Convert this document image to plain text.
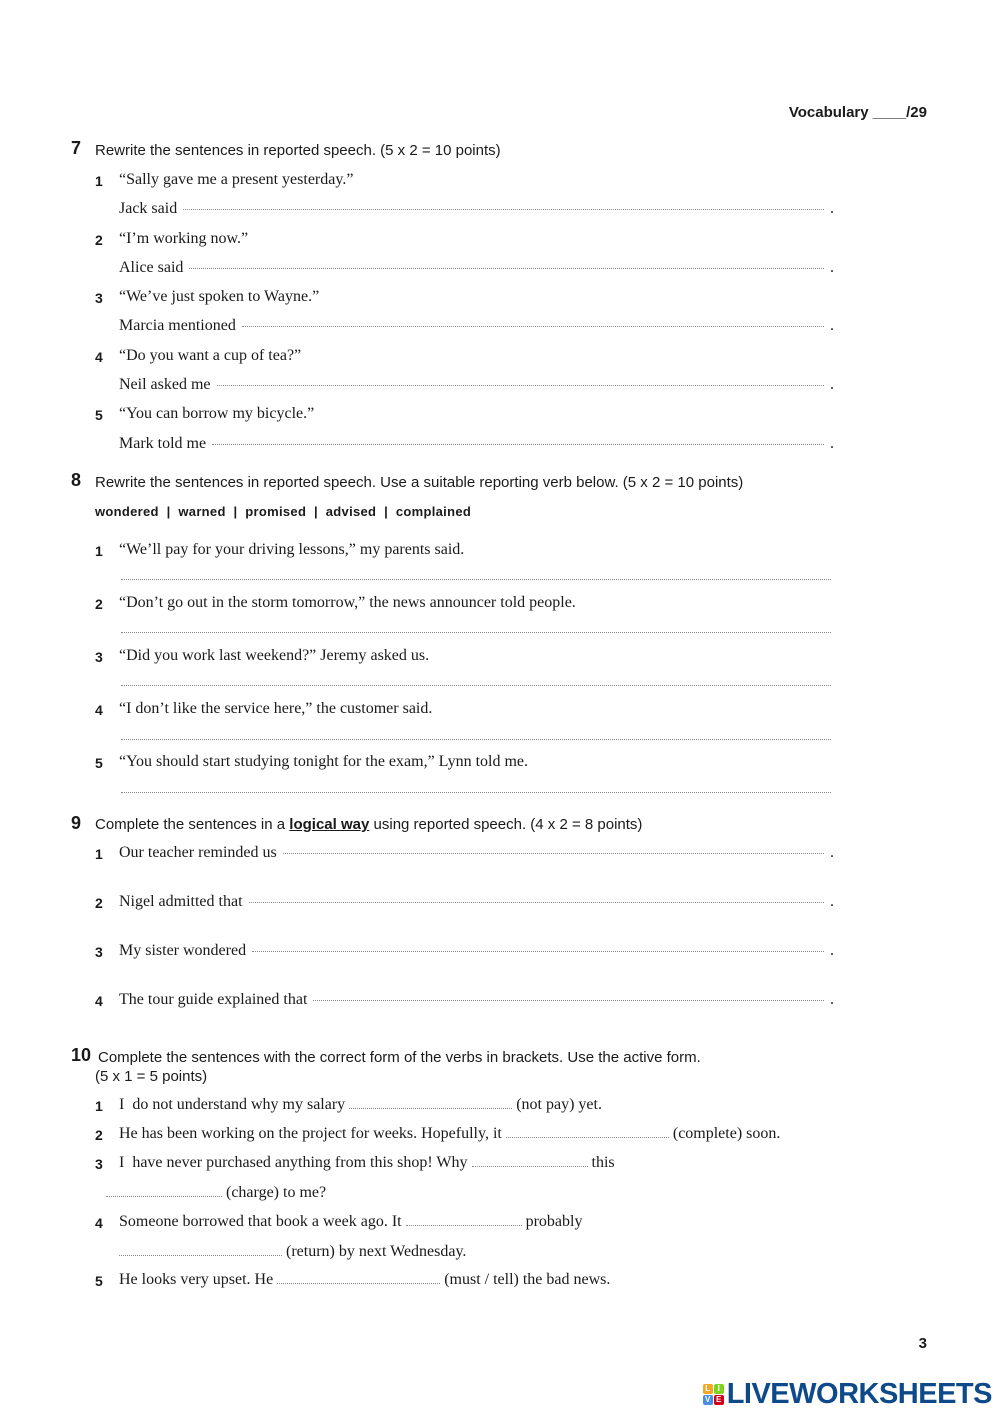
Vocabulary ____/29
7 Rewrite the sentences in reported speech. (5 x 2 = 10 points)
1 “Sally gave me a present yesterday.”
Jack said	.
2 “I’m working now.”
Alice said	.
3 “We’ve just spoken to Wayne.”
Marcia mentioned	.
4 “Do you want a cup of tea?”
Neil asked me	.
5 “You can borrow my bicycle.”
Mark told me	.
8 Rewrite the sentences in reported speech. Use a suitable reporting verb below. (5 x 2 = 10 points)
wondered  |  warned  |  promised  |  advised  |  complained
1 “We’ll pay for your driving lessons,” my parents said.
2 “Don’t go out in the storm tomorrow,” the news announcer told people.
3 “Did you work last weekend?” Jeremy asked us.
4 “I don’t like the service here,” the customer said.
5 “You should start studying tonight for the exam,” Lynn told me.
9 Complete the sentences in a logical way using reported speech. (4 x 2 = 8 points)
1 Our teacher reminded us	.
2 Nigel admitted that	.
3 My sister wondered	.
4 The tour guide explained that	.
10 Complete the sentences with the correct form of the verbs in brackets. Use the active form.
(5 x 1 = 5 points)
1 I  do not understand why my salary	(not pay) yet.
2 He has been working on the project for weeks. Hopefully, it	(complete) soon.
3 I  have never purchased anything from this shop! Why	this
(charge) to me?
4 Someone borrowed that book a week ago. It	probably
(return) by next Wednesday.
5 He looks very upset. He	(must / tell) the bad news.
3
L I
V E LIVEWORKSHEETS
